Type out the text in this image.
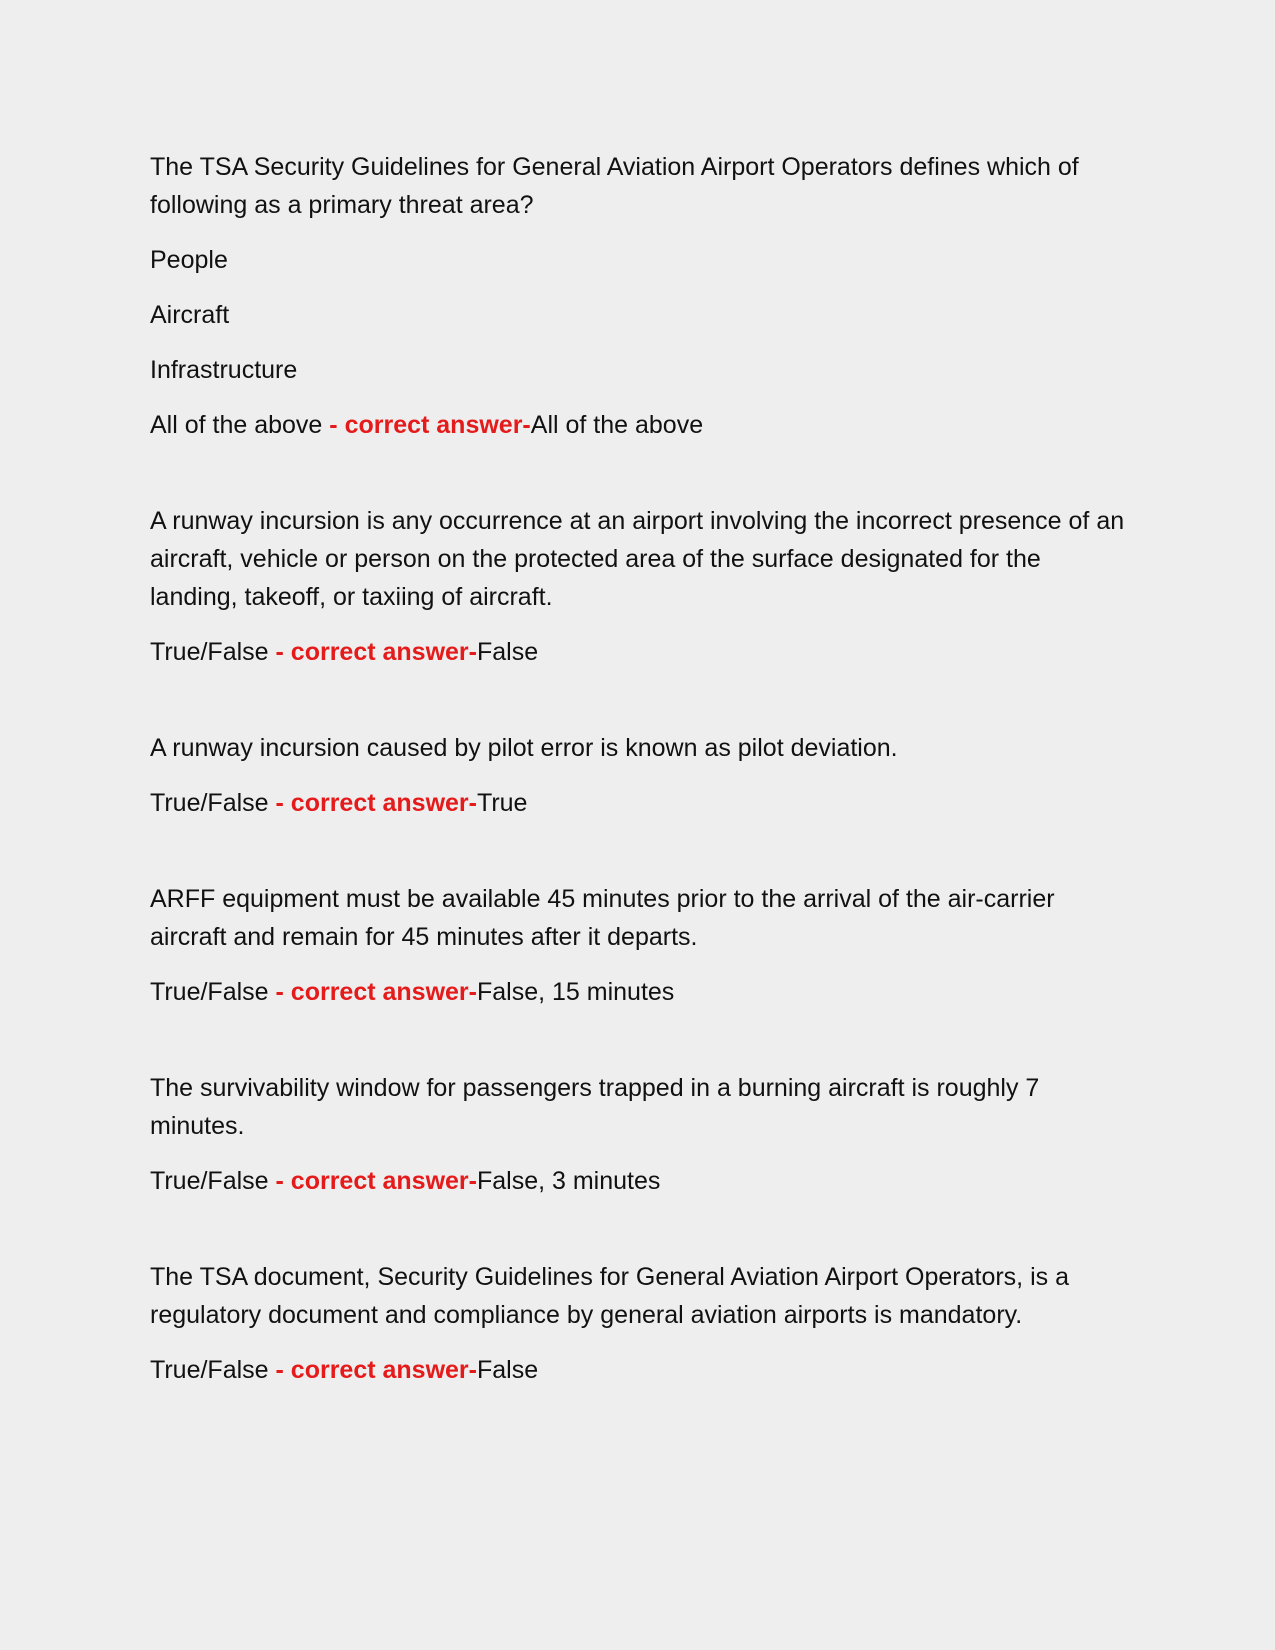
The TSA Security Guidelines for General Aviation Airport Operators defines which of following as a primary threat area?

People

Aircraft

Infrastructure

All of the above - correct answer-All of the above

A runway incursion is any occurrence at an airport involving the incorrect presence of an aircraft, vehicle or person on the protected area of the surface designated for the landing, takeoff, or taxiing of aircraft.

True/False - correct answer-False

A runway incursion caused by pilot error is known as pilot deviation.

True/False - correct answer-True

ARFF equipment must be available 45 minutes prior to the arrival of the air-carrier aircraft and remain for 45 minutes after it departs.

True/False - correct answer-False, 15 minutes

The survivability window for passengers trapped in a burning aircraft is roughly 7 minutes.

True/False - correct answer-False, 3 minutes

The TSA document, Security Guidelines for General Aviation Airport Operators, is a regulatory document and compliance by general aviation airports is mandatory.

True/False - correct answer-False
